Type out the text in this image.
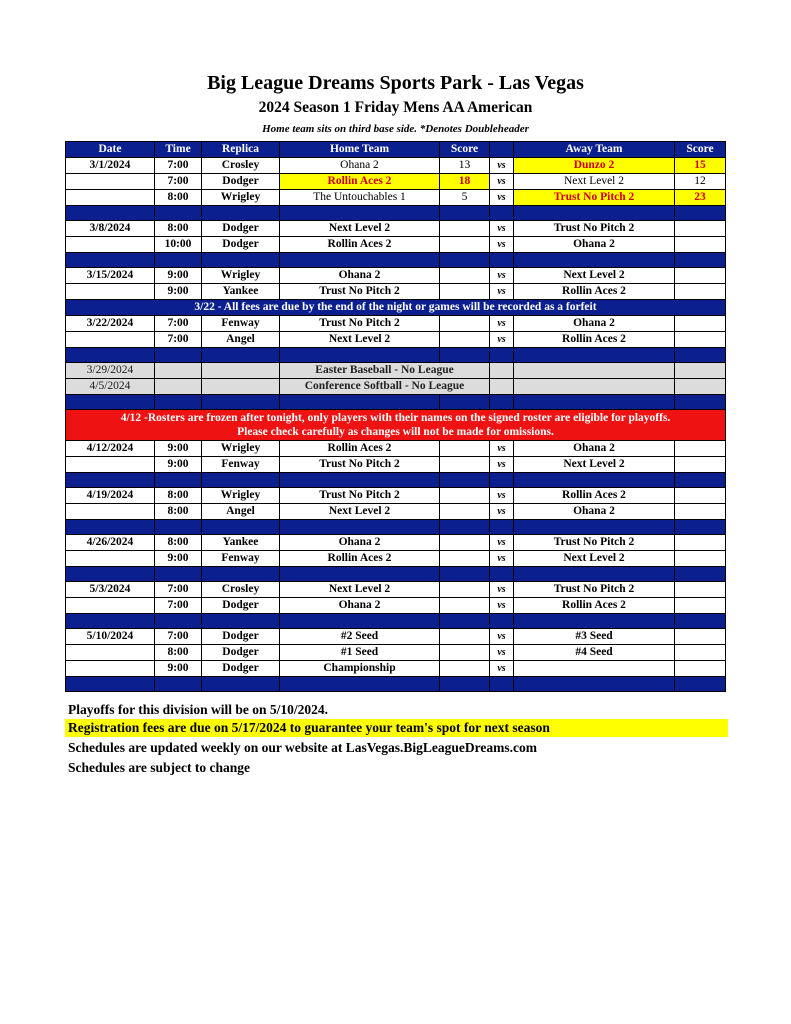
Big League Dreams Sports Park - Las Vegas
2024 Season 1 Friday Mens AA American
Home team sits on third base side. *Denotes Doubleheader
Date	Time	Replica	Home Team	Score		Away Team	Score
3/1/2024	7:00	Crosley	Ohana 2	13	vs	Dunzo 2	15
	7:00	Dodger	Rollin Aces 2	18	vs	Next Level 2	12
	8:00	Wrigley	The Untouchables 1	5	vs	Trust No Pitch 2	23

3/8/2024	8:00	Dodger	Next Level 2		vs	Trust No Pitch 2	
	10:00	Dodger	Rollin Aces 2		vs	Ohana 2	

3/15/2024	9:00	Wrigley	Ohana 2		vs	Next Level 2	
	9:00	Yankee	Trust No Pitch 2		vs	Rollin Aces 2	
3/22 - All fees are due by the end of the night or games will be recorded as a forfeit							
3/22/2024	7:00	Fenway	Trust No Pitch 2		vs	Ohana 2	
	7:00	Angel	Next Level 2		vs	Rollin Aces 2	

3/29/2024			Easter Baseball - No League				
4/5/2024			Conference Softball - No League				

4/12 -Rosters are frozen after tonight, only players with their names on the signed roster are eligible for playoffs.
Please check carefully as changes will not be made for omissions.							

4/12/2024	9:00	Wrigley	Rollin Aces 2		vs	Ohana 2	
	9:00	Fenway	Trust No Pitch 2		vs	Next Level 2	

4/19/2024	8:00	Wrigley	Trust No Pitch 2		vs	Rollin Aces 2	
	8:00	Angel	Next Level 2		vs	Ohana 2	

4/26/2024	8:00	Yankee	Ohana 2		vs	Trust No Pitch 2	
	9:00	Fenway	Rollin Aces 2		vs	Next Level 2	

5/3/2024	7:00	Crosley	Next Level 2		vs	Trust No Pitch 2	
	7:00	Dodger	Ohana 2		vs	Rollin Aces 2	

5/10/2024	7:00	Dodger	#2 Seed		vs	#3 Seed	
	8:00	Dodger	#1 Seed		vs	#4 Seed	
	9:00	Dodger	Championship		vs		

Playoffs for this division will be on 5/10/2024.
Registration fees are due on 5/17/2024 to guarantee your team's spot for next season
Schedules are updated weekly on our website at LasVegas.BigLeagueDreams.com
Schedules are subject to change
